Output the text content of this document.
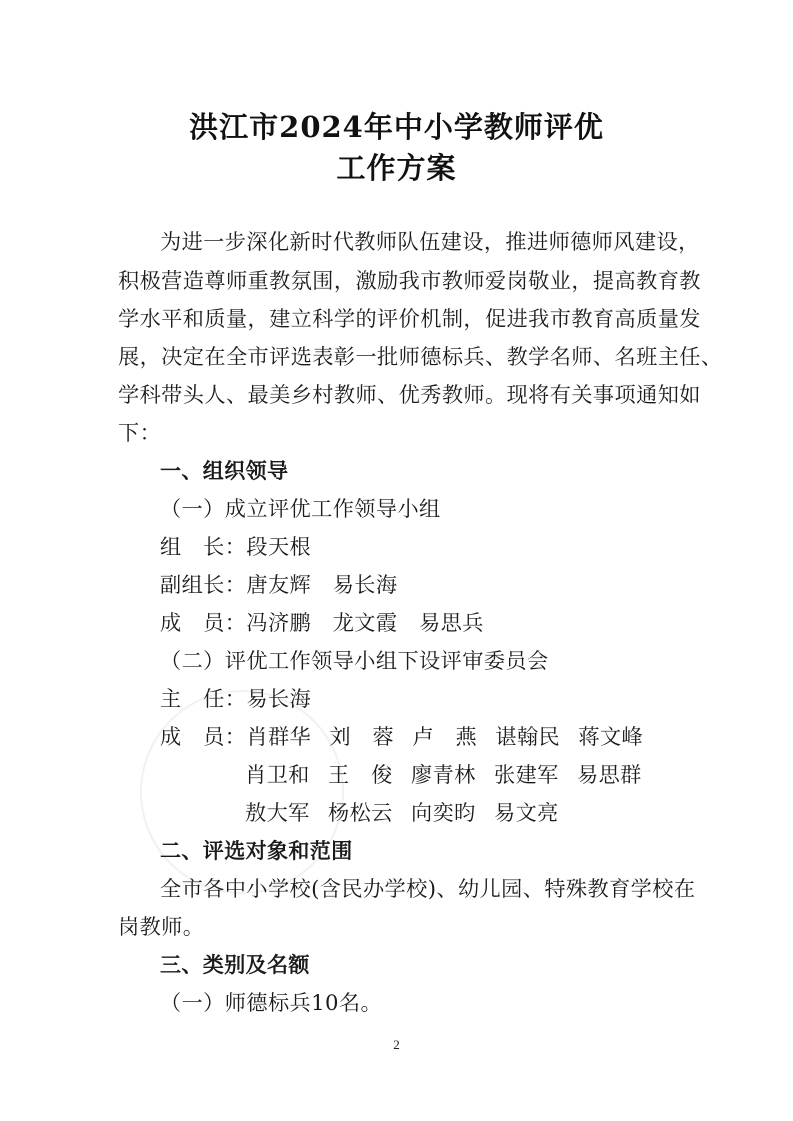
洪江市2024年中小学教师评优
工作方案
为进一步深化新时代教师队伍建设，推进师德师风建设，
积极营造尊师重教氛围，激励我市教师爱岗敬业，提高教育教
学水平和质量，建立科学的评价机制，促进我市教育高质量发
展，决定在全市评选表彰一批师德标兵、教学名师、名班主任、
学科带头人、最美乡村教师、优秀教师。现将有关事项通知如
下：
一、组织领导
（一）成立评优工作领导小组
组　长：段天根
副组长：唐友辉　易长海
成　员：冯济鹏　龙文霞　易思兵
（二）评优工作领导小组下设评审委员会
主　任：易长海
成　员：肖群华 刘　蓉 卢　燕 谌翰民 蒋文峰
肖卫和 王　俊 廖青林 张建军 易思群
敖大军 杨松云 向奕昀 易文亮
二、评选对象和范围
全市各中小学校(含民办学校)、幼儿园、特殊教育学校在
岗教师。
三、类别及名额
（一）师德标兵10名。
2
